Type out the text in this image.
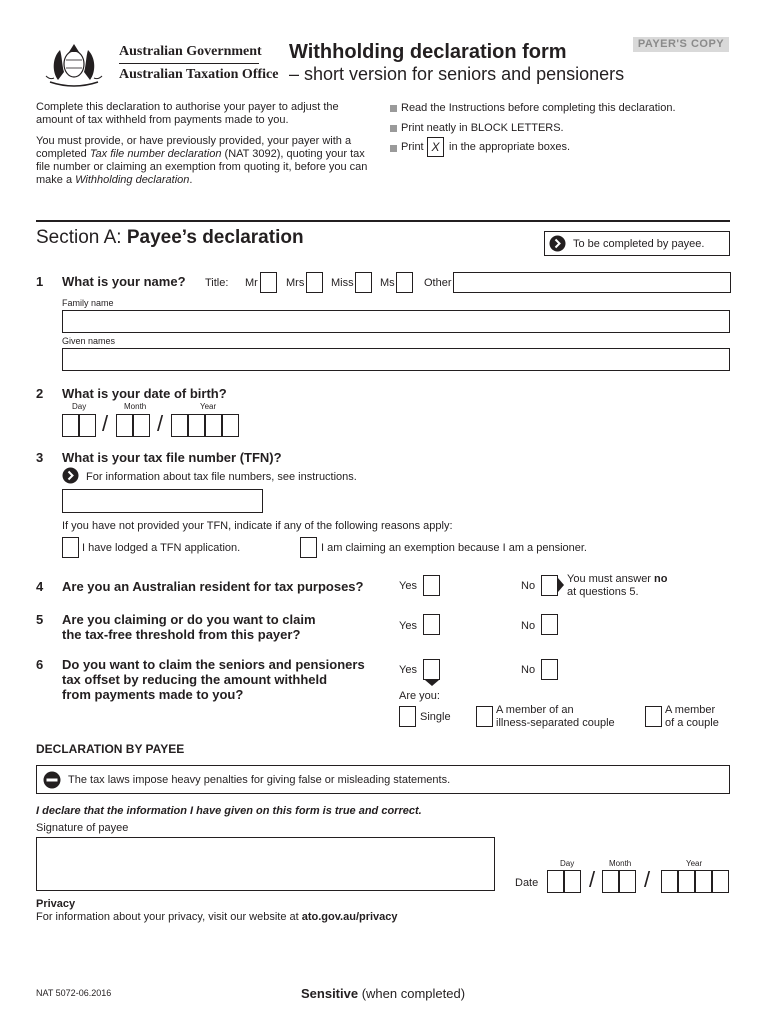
Australian Government
Australian Taxation Office
Withholding declaration form
– short version for seniors and pensioners
PAYER'S COPY
Complete this declaration to authorise your payer to adjust the amount of tax withheld from payments made to you.
You must provide, or have previously provided, your payer with a completed Tax file number declaration (NAT 3092), quoting your tax file number or claiming an exemption from quoting it, before you can make a Withholding declaration.
Read the Instructions before completing this declaration.
Print neatly in BLOCK LETTERS.
Print X in the appropriate boxes.
Section A: Payee’s declaration	To be completed by payee.
1 What is your name? Title: Mr	Mrs Miss Ms	Other
Family name
Given names
2 What is your date of birth?
Day	Month	Year
/ /
3 What is your tax file number (TFN)?
For information about tax file numbers, see instructions.
If you have not provided your TFN, indicate if any of the following reasons apply:
I have lodged a TFN application.	I am claiming an exemption because I am a pensioner.
4 Are you an Australian resident for tax purposes?	Yes	No
You must answer no
at questions 5.
5 Are you claiming or do you want to claim
the tax-free threshold from this payer?
Yes	No
6 Do you want to claim the seniors and pensioners
tax offset by reducing the amount withheld
from payments made to you?
Yes	No
Are you:
Single
A member of an
illness-separated couple
A member
of a couple
DECLARATION BY PAYEE
The tax laws impose heavy penalties for giving false or misleading statements.
I declare that the information I have given on this form is true and correct.
Signature of payee
Day	Month	Year
Date / /
Privacy
For information about your privacy, visit our website at ato.gov.au/privacy
NAT 5072-06.2016	Sensitive (when completed)
